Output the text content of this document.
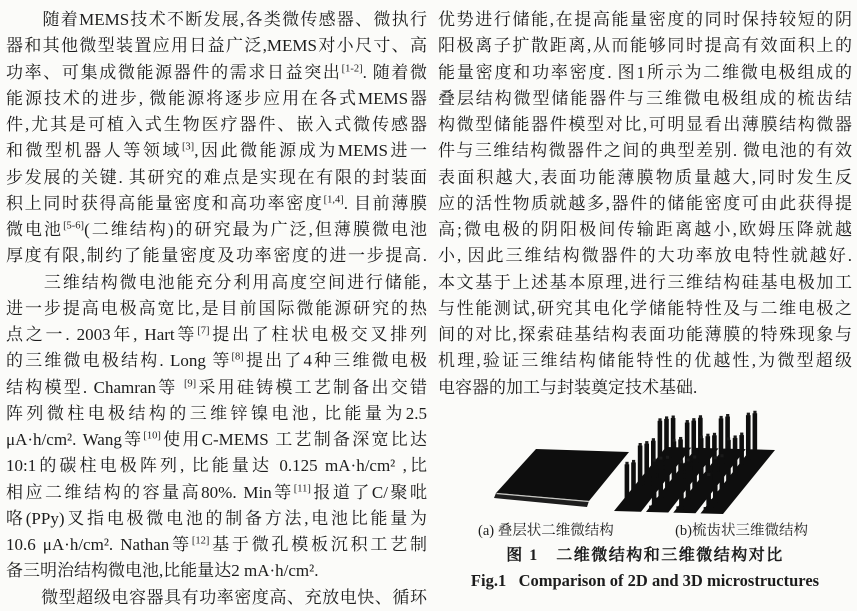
　　随着MEMS技术不断发展,各类微传感器、微执行
器和其他微型装置应用日益广泛,MEMS对小尺寸、高
功率、可集成微能源器件的需求日益突出[1-2]. 随着微
能源技术的进步, 微能源将逐步应用在各式MEMS器
件,尤其是可植入式生物医疗器件、嵌入式微传感器
和微型机器人等领域[3],因此微能源成为MEMS进一
步发展的关键. 其研究的难点是实现在有限的封装面
积上同时获得高能量密度和高功率密度[1,4]. 目前薄膜
微电池[5-6](二维结构)的研究最为广泛,但薄膜微电池
厚度有限,制约了能量密度及功率密度的进一步提高.
　　三维结构微电池能充分利用高度空间进行储能,
进一步提高电极高宽比,是目前国际微能源研究的热
点之一. 2003年, Hart等[7]提出了柱状电极交叉排列
的三维微电极结构. Long 等[8]提出了4种三维微电极
结构模型. Chamran等 [9]采用硅铸模工艺制备出交错
阵列微柱电极结构的三维锌镍电池, 比能量为2.5
μA·h/cm². Wang等[10]使用C-MEMS 工艺制备深宽比达
10:1的碳柱电极阵列, 比能量达 0.125 mA·h/cm² ,比
相应二维结构的容量高80%. Min等[11]报道了C/聚吡
咯(PPy)叉指电极微电池的制备方法,电池比能量为
10.6 μA·h/cm². Nathan等[12]基于微孔模板沉积工艺制
备三明治结构微电池,比能量达2 mA·h/cm².
　　微型超级电容器具有功率密度高、充放电快、循环
优势进行储能,在提高能量密度的同时保持较短的阴
阳极离子扩散距离,从而能够同时提高有效面积上的
能量密度和功率密度. 图1所示为二维微电极组成的
叠层结构微型储能器件与三维微电极组成的梳齿结
构微型储能器件模型对比,可明显看出薄膜结构微器
件与三维结构微器件之间的典型差别. 微电池的有效
表面积越大,表面功能薄膜物质量越大,同时发生反
应的活性物质就越多,器件的储能密度可由此获得提
高;微电极的阴阳极间传输距离越小,欧姆压降就越
小, 因此三维结构微器件的大功率放电特性就越好.
本文基于上述基本原理,进行三维结构硅基电极加工
与性能测试,研究其电化学储能特性及与二维电极之
间的对比,探索硅基结构表面功能薄膜的特殊现象与
机理,验证三维结构储能特性的优越性,为微型超级
电容器的加工与封装奠定技术基础.
(a) 叠层状二维微结构	(b)梳齿状三维微结构
图 1　二维微结构和三维微结构对比
Fig.1   Comparison of 2D and 3D microstructures
